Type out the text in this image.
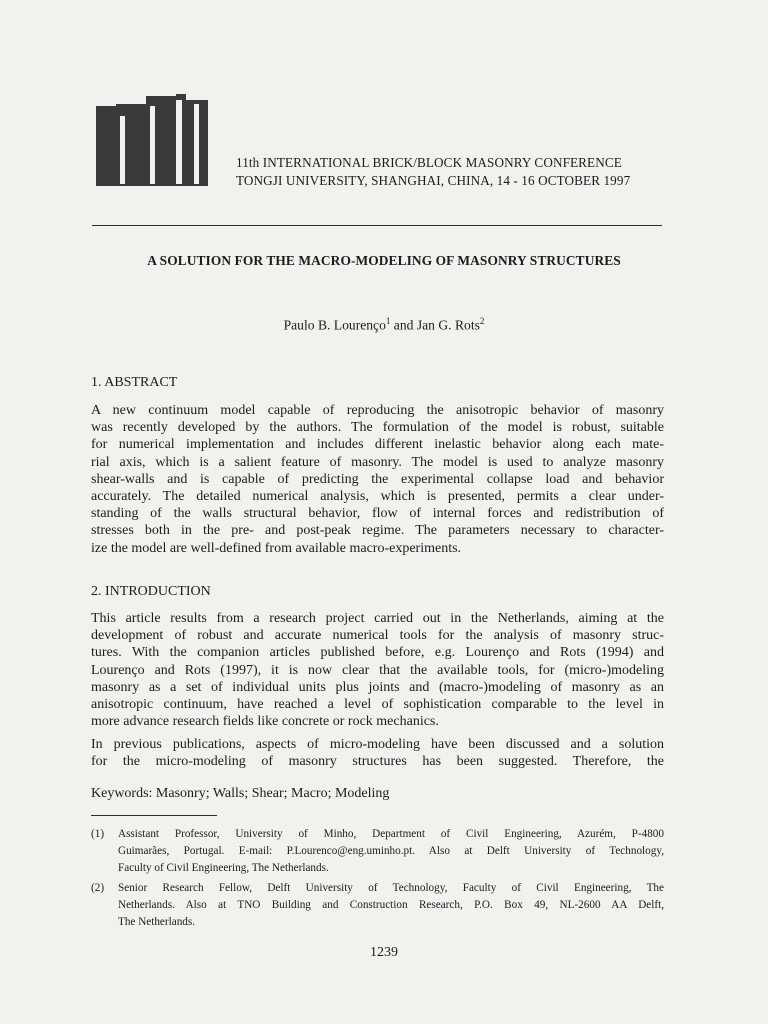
11th INTERNATIONAL BRICK/BLOCK MASONRY CONFERENCE
TONGJI UNIVERSITY, SHANGHAI, CHINA, 14 - 16 OCTOBER 1997
A SOLUTION FOR THE MACRO-MODELING OF MASONRY STRUCTURES
Paulo B. Lourenço$^1$ and Jan G. Rots$^2$
1. ABSTRACT
A new continuum model capable of reproducing the anisotropic behavior of masonry
was recently developed by the authors. The formulation of the model is robust, suitable
for numerical implementation and includes different inelastic behavior along each mate-
rial axis, which is a salient feature of masonry. The model is used to analyze masonry
shear-walls and is capable of predicting the experimental collapse load and behavior
accurately. The detailed numerical analysis, which is presented, permits a clear under-
standing of the walls structural behavior, flow of internal forces and redistribution of
stresses both in the pre- and post-peak regime. The parameters necessary to character-
ize the model are well-defined from available macro-experiments.
2. INTRODUCTION
This article results from a research project carried out in the Netherlands, aiming at the
development of robust and accurate numerical tools for the analysis of masonry struc-
tures. With the companion articles published before, e.g. Lourenço and Rots (1994) and
Lourenço and Rots (1997), it is now clear that the available tools, for (micro-)modeling
masonry as a set of individual units plus joints and (macro-)modeling of masonry as an
anisotropic continuum, have reached a level of sophistication comparable to the level in
more advance research fields like concrete or rock mechanics.
In previous publications, aspects of micro-modeling have been discussed and a solution
for the micro-modeling of masonry structures has been suggested. Therefore, the
Keywords: Masonry; Walls; Shear; Macro; Modeling
(1) Assistant Professor, University of Minho, Department of Civil Engineering, Azurém, P-4800
Guimarães, Portugal. E-mail: P.Lourenco@eng.uminho.pt. Also at Delft University of Technology,
Faculty of Civil Engineering, The Netherlands.
(2) Senior Research Fellow, Delft University of Technology, Faculty of Civil Engineering, The
Netherlands. Also at TNO Building and Construction Research, P.O. Box 49, NL-2600 AA Delft,
The Netherlands.
1239
